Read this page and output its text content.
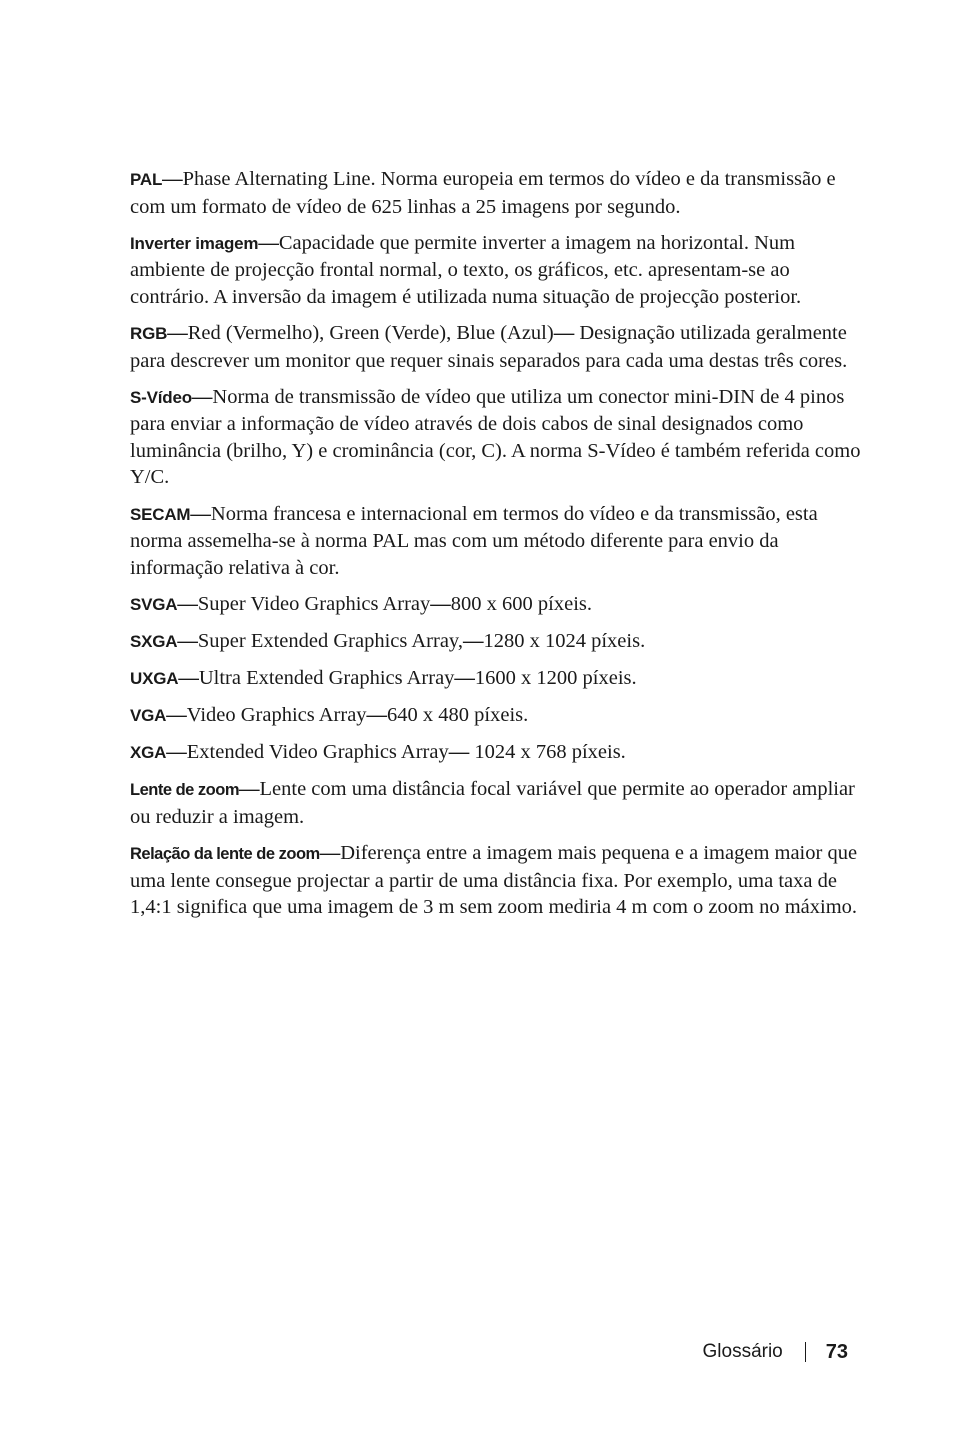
PAL—Phase Alternating Line. Norma europeia em termos do vídeo e da transmissão e com um formato de vídeo de 625 linhas a 25 imagens por segundo.

Inverter imagem—Capacidade que permite inverter a imagem na horizontal. Num ambiente de projecção frontal normal, o texto, os gráficos, etc. apresentam-se ao contrário. A inversão da imagem é utilizada numa situação de projecção posterior.

RGB—Red (Vermelho), Green (Verde), Blue (Azul)— Designação utilizada geralmente para descrever um monitor que requer sinais separados para cada uma destas três cores.

S-Vídeo—Norma de transmissão de vídeo que utiliza um conector mini-DIN de 4 pinos para enviar a informação de vídeo através de dois cabos de sinal designados como luminância (brilho, Y) e crominância (cor, C). A norma S-Vídeo é também referida como Y/C.

SECAM—Norma francesa e internacional em termos do vídeo e da transmissão, esta norma assemelha-se à norma PAL mas com um método diferente para envio da informação relativa à cor.

SVGA—Super Video Graphics Array—800 x 600 píxeis.

SXGA—Super Extended Graphics Array,—1280 x 1024 píxeis.

UXGA—Ultra Extended Graphics Array—1600 x 1200 píxeis.

VGA—Video Graphics Array—640 x 480 píxeis.

XGA—Extended Video Graphics Array— 1024 x 768 píxeis.

Lente de zoom—Lente com uma distância focal variável que permite ao operador ampliar ou reduzir a imagem.

Relação da lente de zoom—Diferença entre a imagem mais pequena e a imagem maior que uma lente consegue projectar a partir de uma distância fixa. Por exemplo, uma taxa de 1,4:1 significa que uma imagem de 3 m sem zoom mediria 4 m com o zoom no máximo.

Glossário 73
